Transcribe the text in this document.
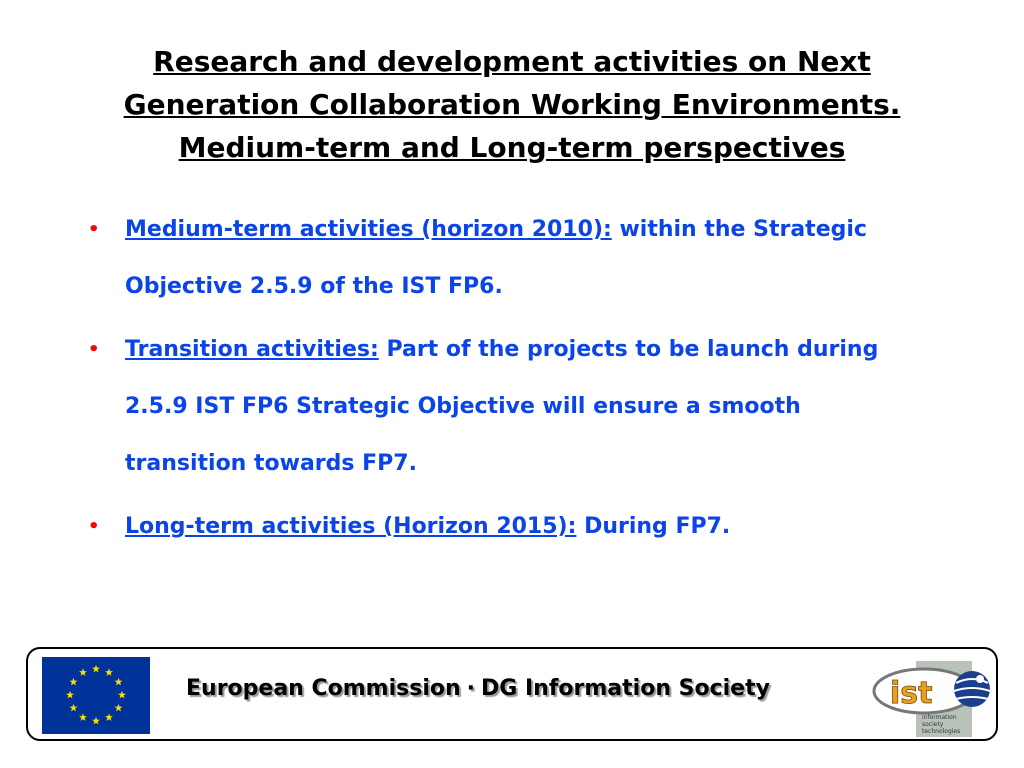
Research and development activities on Next
Generation Collaboration Working Environments.
Medium-term and Long-term perspectives
• Medium-term activities (horizon 2010): within the Strategic Objective 2.5.9 of the IST FP6.
• Transition activities: Part of the projects to be launch during 2.5.9 IST FP6 Strategic Objective will ensure a smooth transition towards FP7.
• Long-term activities (Horizon 2015): During FP7.
European Commission · DG Information Society	ist
information
society
technologies
